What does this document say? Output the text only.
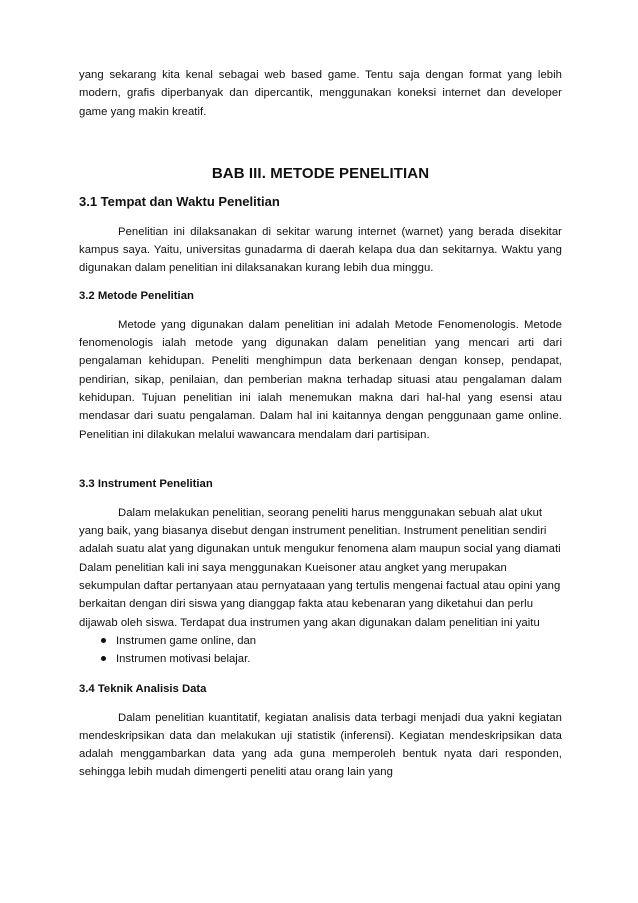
yang sekarang kita kenal sebagai web based game. Tentu saja dengan format yang lebih modern, grafis diperbanyak dan dipercantik, menggunakan koneksi internet dan developer game yang makin kreatif.

BAB III. METODE PENELITIAN
3.1 Tempat dan Waktu Penelitian

Penelitian ini dilaksanakan di sekitar warung internet (warnet) yang berada disekitar kampus saya. Yaitu, universitas gunadarma di daerah kelapa dua dan sekitarnya. Waktu yang digunakan dalam penelitian ini dilaksanakan kurang lebih dua minggu.

3.2 Metode Penelitian

Metode yang digunakan dalam penelitian ini adalah Metode Fenomenologis. Metode fenomenologis ialah metode yang digunakan dalam penelitian yang mencari arti dari pengalaman kehidupan. Peneliti menghimpun data berkenaan dengan konsep, pendapat, pendirian, sikap, penilaian, dan pemberian makna terhadap situasi atau pengalaman dalam kehidupan. Tujuan penelitian ini ialah menemukan makna dari hal-hal yang esensi atau mendasar dari suatu pengalaman. Dalam hal ini kaitannya dengan penggunaan game online. Penelitian ini dilakukan melalui wawancara mendalam dari partisipan.

3.3 Instrument Penelitian

Dalam melakukan penelitian, seorang peneliti harus menggunakan sebuah alat ukut yang baik, yang biasanya disebut dengan instrument penelitian. Instrument penelitian sendiri adalah suatu alat yang digunakan untuk mengukur fenomena alam maupun social yang diamati Dalam penelitian kali ini saya menggunakan Kueisoner atau angket yang merupakan sekumpulan daftar pertanyaan atau pernyataaan yang tertulis mengenai factual atau opini yang berkaitan dengan diri siswa yang dianggap fakta atau kebenaran yang diketahui dan perlu dijawab oleh siswa. Terdapat dua instrumen yang akan digunakan dalam penelitian ini yaitu

Instrumen game online, dan
Instrumen motivasi belajar.
3.4 Teknik Analisis Data

Dalam penelitian kuantitatif, kegiatan analisis data terbagi menjadi dua yakni kegiatan mendeskripsikan data dan melakukan uji statistik (inferensi). Kegiatan mendeskripsikan data adalah menggambarkan data yang ada guna memperoleh bentuk nyata dari responden, sehingga lebih mudah dimengerti peneliti atau orang lain yang
